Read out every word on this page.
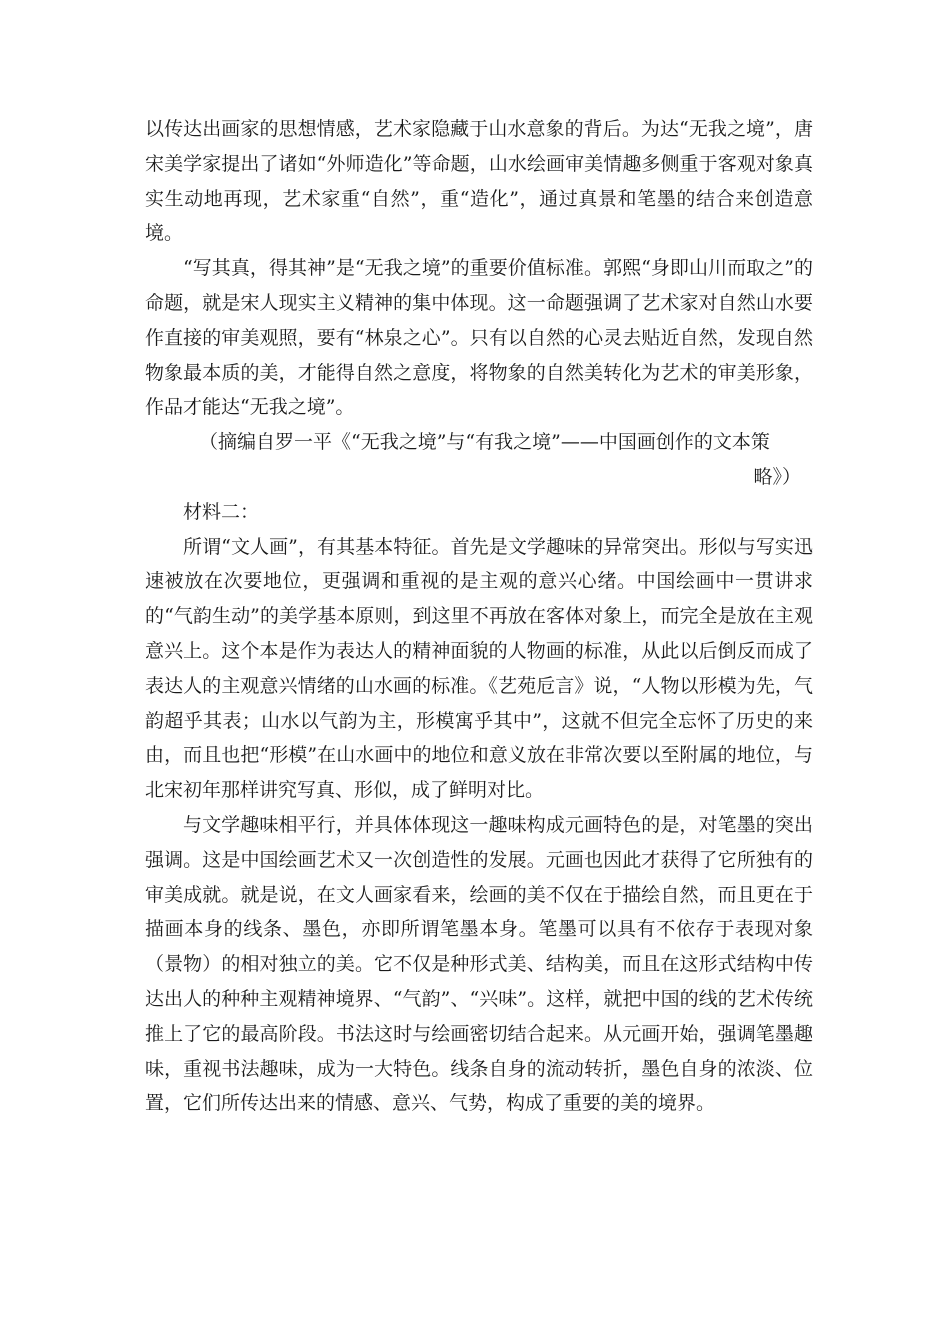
以传达出画家的思想情感，艺术家隐藏于山水意象的背后。为达“无我之境”，唐宋美学家提出了诸如“外师造化”等命题，山水绘画审美情趣多侧重于客观对象真实生动地再现，艺术家重“自然”，重“造化”，通过真景和笔墨的结合来创造意境。

“写其真，得其神”是“无我之境”的重要价值标准。郭熙“身即山川而取之”的命题，就是宋人现实主义精神的集中体现。这一命题强调了艺术家对自然山水要作直接的审美观照，要有“林泉之心”。只有以自然的心灵去贴近自然，发现自然物象最本质的美，才能得自然之意度，将物象的自然美转化为艺术的审美形象，作品才能达“无我之境”。

（摘编自罗一平《“无我之境”与“有我之境”——中国画创作的文本策

略》）

材料二：

所谓“文人画”，有其基本特征。首先是文学趣味的异常突出。形似与写实迅速被放在次要地位，更强调和重视的是主观的意兴心绪。中国绘画中一贯讲求的“气韵生动”的美学基本原则，到这里不再放在客体对象上，而完全是放在主观意兴上。这个本是作为表达人的精神面貌的人物画的标准，从此以后倒反而成了表达人的主观意兴情绪的山水画的标准。《艺苑卮言》说，“人物以形模为先，气韵超乎其表；山水以气韵为主，形模寓乎其中”，这就不但完全忘怀了历史的来由，而且也把“形模”在山水画中的地位和意义放在非常次要以至附属的地位，与北宋初年那样讲究写真、形似，成了鲜明对比。

与文学趣味相平行，并具体体现这一趣味构成元画特色的是，对笔墨的突出强调。这是中国绘画艺术又一次创造性的发展。元画也因此才获得了它所独有的审美成就。就是说，在文人画家看来，绘画的美不仅在于描绘自然，而且更在于描画本身的线条、墨色，亦即所谓笔墨本身。笔墨可以具有不依存于表现对象（景物）的相对独立的美。它不仅是种形式美、结构美，而且在这形式结构中传达出人的种种主观精神境界、“气韵”、“兴味”。这样，就把中国的线的艺术传统推上了它的最高阶段。书法这时与绘画密切结合起来。从元画开始，强调笔墨趣味，重视书法趣味，成为一大特色。线条自身的流动转折，墨色自身的浓淡、位置，它们所传达出来的情感、意兴、气势，构成了重要的美的境界。
